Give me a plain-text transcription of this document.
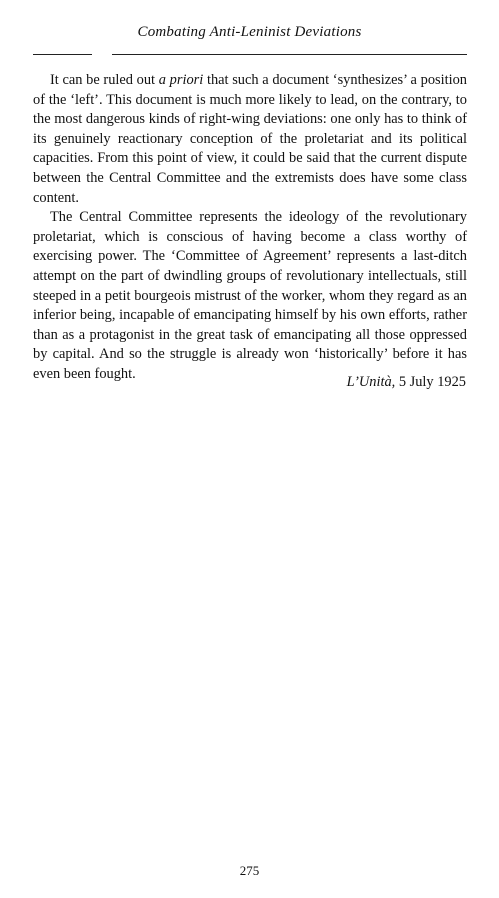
Combating Anti-Leninist Deviations

It can be ruled out a priori that such a document ‘synthesizes’ a position of the ‘left’. This document is much more likely to lead, on the contrary, to the most dangerous kinds of right-wing deviations: one only has to think of its genuinely reactionary conception of the proletariat and its political capacities. From this point of view, it could be said that the current dispute between the Central Committee and the extremists does have some class content.

The Central Committee represents the ideology of the revolutionary proletariat, which is conscious of having become a class worthy of exercising power. The ‘Committee of Agreement’ represents a last-ditch attempt on the part of dwindling groups of revolutionary intellectuals, still steeped in a petit bourgeois mistrust of the worker, whom they regard as an inferior being, incapable of emancipating himself by his own efforts, rather than as a protagonist in the great task of emancipating all those oppressed by capital. And so the struggle is already won ‘historically’ before it has even been fought.

L’Unità, 5 July 1925
275
